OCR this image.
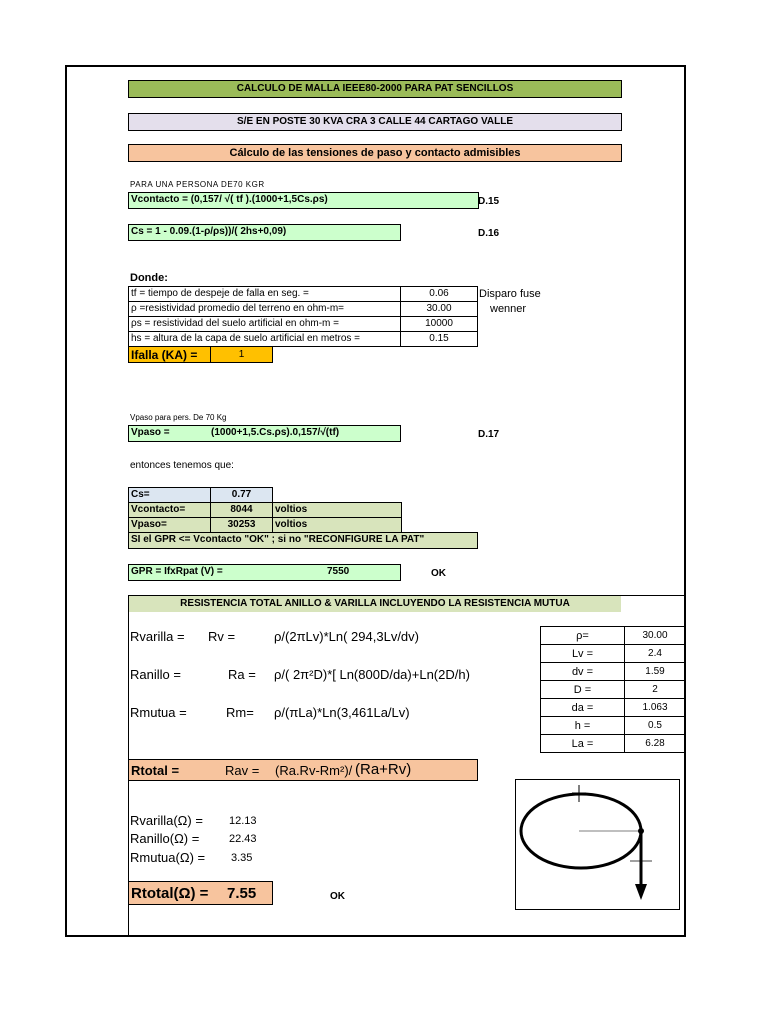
CALCULO DE MALLA IEEE80-2000 PARA PAT SENCILLOS
S/E EN POSTE 30 KVA CRA 3 CALLE 44 CARTAGO VALLE
Cálculo de las tensiones de paso y contacto admisibles
PARA UNA PERSONA DE70 KGR
Vcontacto = (0,157/ √( tf ).(1000+1,5Cs.ρs)	D.15
Cs = 1 - 0.09.(1-ρ/ρs))/( 2hs+0,09)	D.16
Donde:
tf = tiempo de despeje de falla en seg. =	0.06	Disparo fuse
ρ =resistividad promedio del terreno en ohm-m=	30.00	wenner
ρs = resistividad del suelo artificial en ohm-m =	10000
hs = altura de la capa de suelo artificial en metros =	0.15
Ifalla (KA) =	1
Vpaso para pers. De 70 Kg
Vpaso =	(1000+1,5.Cs.ρs).0,157/√(tf)	D.17
entonces tenemos que:
Cs=	0.77
Vcontacto=	8044	voltios
Vpaso=	30253	voltios
SI el GPR <= Vcontacto "OK" ; si no "RECONFIGURE LA PAT"
GPR = IfxRpat (V) =	7550	OK
RESISTENCIA TOTAL ANILLO & VARILLA INCLUYENDO LA RESISTENCIA MUTUA
Rvarilla = Rv =	ρ/(2πLv)*Ln( 294,3Lv/dv)
Ranillo =	Ra = ρ/( 2π²D)*[ Ln(800D/da)+Ln(2D/h)
Rmutua =	Rm= ρ/(πLa)*Ln(3,461La/Lv)
Rtotal =	Rav = (Ra.Rv-Rm²)/ (Ra+Rv)
ρ=	30.00
Lv =	2.4
dv =	1.59
D =	2
da =	1.063
h =	0.5
La =	6.28
Rvarilla(Ω) = 12.13
Ranillo(Ω) =	22.43
Rmutua(Ω) = 3.35
Rtotal(Ω) = 7.55	OK
